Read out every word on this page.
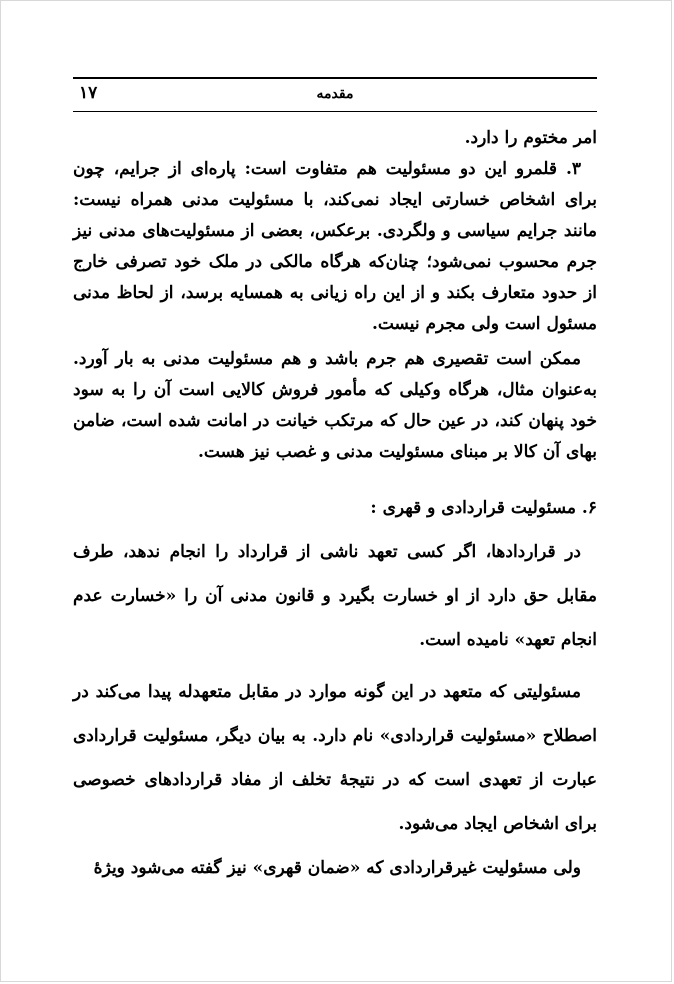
مقدمه
۱۷

امر مختوم را دارد.

۳. قلمرو این دو مسئولیت هم متفاوت است: پاره‌ای از جرایم، چون برای اشخاص خسارتی ایجاد نمی‌کند، با مسئولیت مدنی همراه نیست: مانند جرایم سیاسی و ولگردی. برعکس، بعضی از مسئولیت‌های مدنی نیز جرم محسوب نمی‌شود؛ چنان‌که هرگاه مالکی در ملک خود تصرفی خارج از حدود متعارف بکند و از این راه زیانی به همسایه برسد، از لحاظ مدنی مسئول است ولی مجرم نیست.

ممکن است تقصیری هم جرم باشد و هم مسئولیت مدنی به بار آورد. به‌عنوان مثال، هرگاه وکیلی که مأمور فروش کالایی است آن را به سود خود پنهان کند، در عین حال که مرتکب خیانت در امانت شده است، ضامن بهای آن کالا بر مبنای مسئولیت مدنی و غصب نیز هست.

۶. مسئولیت قراردادی و قهری :

در قراردادها، اگر کسی تعهد ناشی از قرارداد را انجام ندهد، طرف مقابل حق دارد از او خسارت بگیرد و قانون مدنی آن را «خسارت عدم انجام تعهد» نامیده است.

مسئولیتی که متعهد در این گونه موارد در مقابل متعهدله پیدا می‌کند در اصطلاح «مسئولیت قراردادی» نام دارد. به بیان دیگر، مسئولیت قراردادی عبارت از تعهدی است که در نتیجهٔ تخلف از مفاد قراردادهای خصوصی برای اشخاص ایجاد می‌شود.

ولی مسئولیت غیرقراردادی که «ضمان قهری» نیز گفته می‌شود ویژهٔ
